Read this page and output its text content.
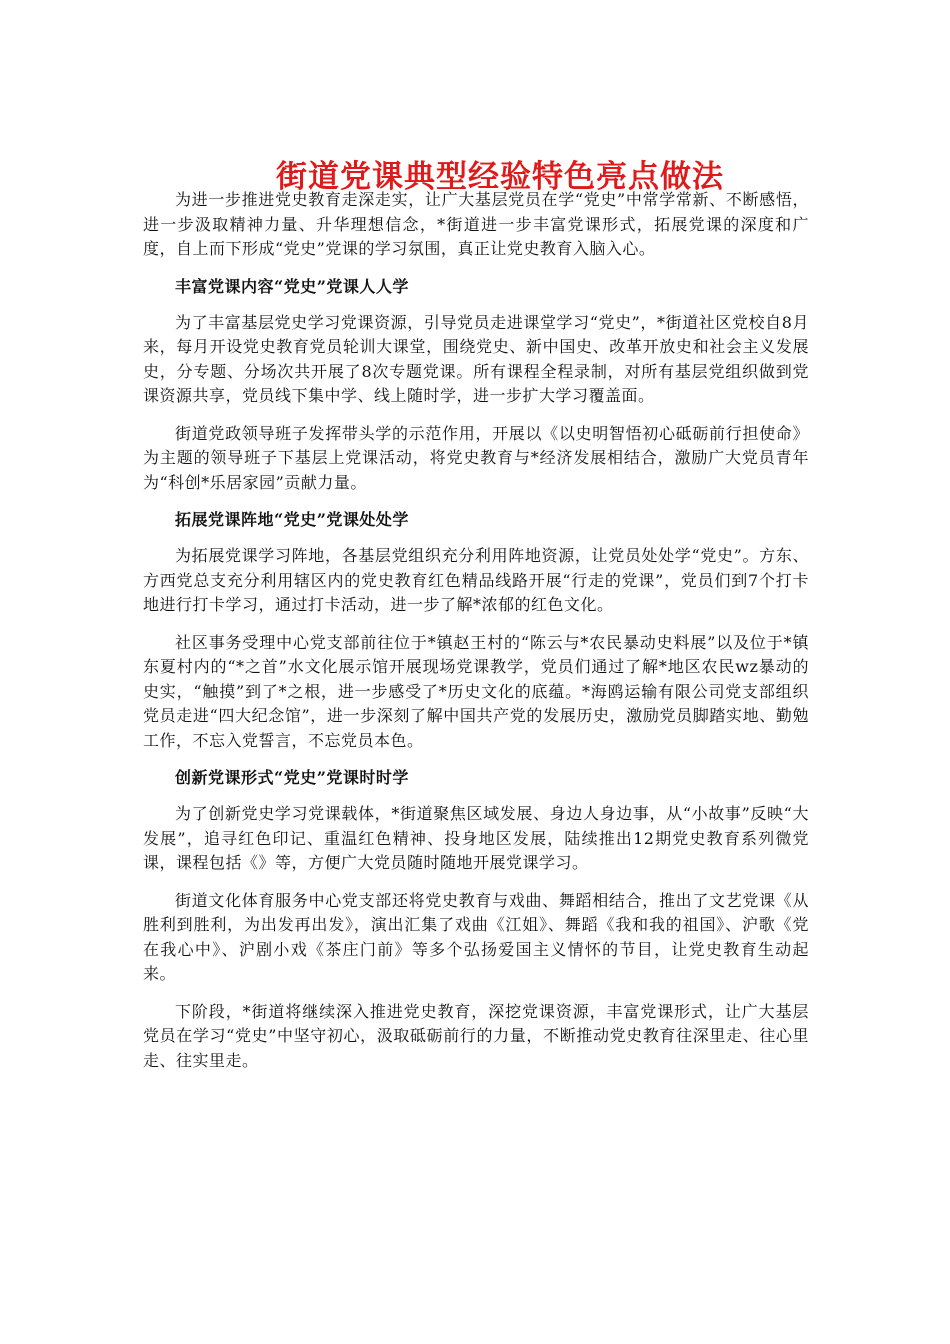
街道党课典型经验特色亮点做法

为进一步推进党史教育走深走实，让广大基层党员在学“党史”中常学常新、不断感悟，进一步汲取精神力量、升华理想信念，*街道进一步丰富党课形式，拓展党课的深度和广度，自上而下形成“党史”党课的学习氛围，真正让党史教育入脑入心。

丰富党课内容“党史”党课人人学

为了丰富基层党史学习党课资源，引导党员走进课堂学习“党史”，*街道社区党校自8月来，每月开设党史教育党员轮训大课堂，围绕党史、新中国史、改革开放史和社会主义发展史，分专题、分场次共开展了8次专题党课。所有课程全程录制，对所有基层党组织做到党课资源共享，党员线下集中学、线上随时学，进一步扩大学习覆盖面。

街道党政领导班子发挥带头学的示范作用，开展以《以史明智悟初心砥砺前行担使命》为主题的领导班子下基层上党课活动，将党史教育与*经济发展相结合，激励广大党员青年为“科创*乐居家园”贡献力量。

拓展党课阵地“党史”党课处处学

为拓展党课学习阵地，各基层党组织充分利用阵地资源，让党员处处学“党史”。方东、方西党总支充分利用辖区内的党史教育红色精品线路开展“行走的党课”，党员们到7个打卡地进行打卡学习，通过打卡活动，进一步了解*浓郁的红色文化。

社区事务受理中心党支部前往位于*镇赵王村的“陈云与*农民暴动史料展”以及位于*镇东夏村内的“*之首”水文化展示馆开展现场党课教学，党员们通过了解*地区农民wz暴动的史实，“触摸”到了*之根，进一步感受了*历史文化的底蕴。*海鸥运输有限公司党支部组织党员走进“四大纪念馆”，进一步深刻了解中国共产党的发展历史，激励党员脚踏实地、勤勉工作，不忘入党誓言，不忘党员本色。

创新党课形式“党史”党课时时学

为了创新党史学习党课载体，*街道聚焦区域发展、身边人身边事，从“小故事”反映“大发展”，追寻红色印记、重温红色精神、投身地区发展，陆续推出12期党史教育系列微党课，课程包括《》等，方便广大党员随时随地开展党课学习。

街道文化体育服务中心党支部还将党史教育与戏曲、舞蹈相结合，推出了文艺党课《从胜利到胜利，为出发再出发》，演出汇集了戏曲《江姐》、舞蹈《我和我的祖国》、沪歌《党在我心中》、沪剧小戏《茶庄门前》等多个弘扬爱国主义情怀的节目，让党史教育生动起来。

下阶段，*街道将继续深入推进党史教育，深挖党课资源，丰富党课形式，让广大基层党员在学习“党史”中坚守初心，汲取砥砺前行的力量，不断推动党史教育往深里走、往心里走、往实里走。
